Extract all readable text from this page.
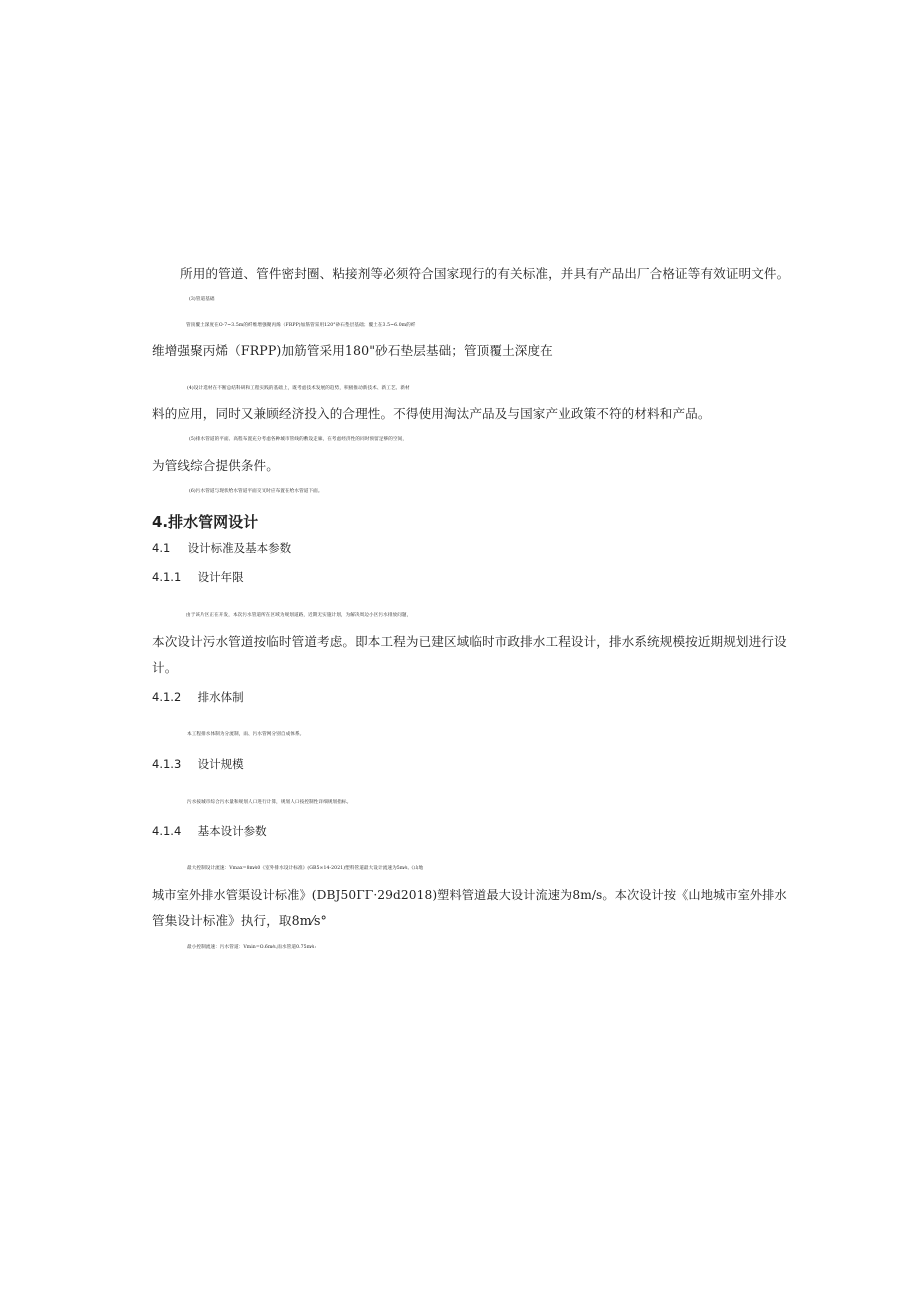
所用的管道、管件密封圈、粘接剂等必须符合国家现行的有关标准，并具有产品出厂合格证等有效证明文件。
(3)管道基础
管顶覆土深度在O·7~3.5m的纤维增强聚丙烯（FRPP)加筋管采用120°砂石垫层基础；覆土在3.5~6.0m的纤
维增强聚丙烯（FRPP)加筋管采用180"砂石垫层基础；管顶覆土深度在
(4)设计选材在不断总结科研和工程实践的基础上，既考虑技术发展的趋势，积极推动新技术、新工艺、新材
料的应用，同时又兼顾经济投入的合理性。不得使用淘汰产品及与国家产业政策不符的材料和产品。
(5)排水管道的平面、高程布置充分考虑各种城市管线的敷设走廊，在考虑经济性的同时预留足够的空间，
为管线综合提供条件。
(6)污水管道与现状给水管道平面交叉时应布置在给水管道下面。
4.排水管网设计
4.1 设计标准及基本参数
4.1.1 设计年限
由于该片区正在开发，本次污水管道所在区域为规划道路，近期无实施计划，为解决周边小区污水排放问题，
本次设计污水管道按临时管道考虑。即本工程为已建区域临时市政排水工程设计，排水系统规模按近期规划进行设
计。
4.1.2 排水体制
本工程排水体制为分流制，雨、污水管网分别自成体系。
4.1.3 设计规模
污水按城市综合污水量和规划人口进行计算，规划人口按控制性详细规划指标。
4.1.4 基本设计参数
最大控制设计流速：Vmax=8m⁄s0《室外排水设计标准》(GB5∞14-2021)塑料管道最大设计流速为5m⁄s,《山地
城市室外排水管渠设计标准》(DBJ50ΓΓ·29d2018)塑料管道最大设计流速为8m/s。本次设计按《山地城市室外排水
管集设计标准》执行，取8m⁄s°
最小控制流速：污水管道：Vmin=O.6m⁄s,雨水管道0.75m⁄s:
